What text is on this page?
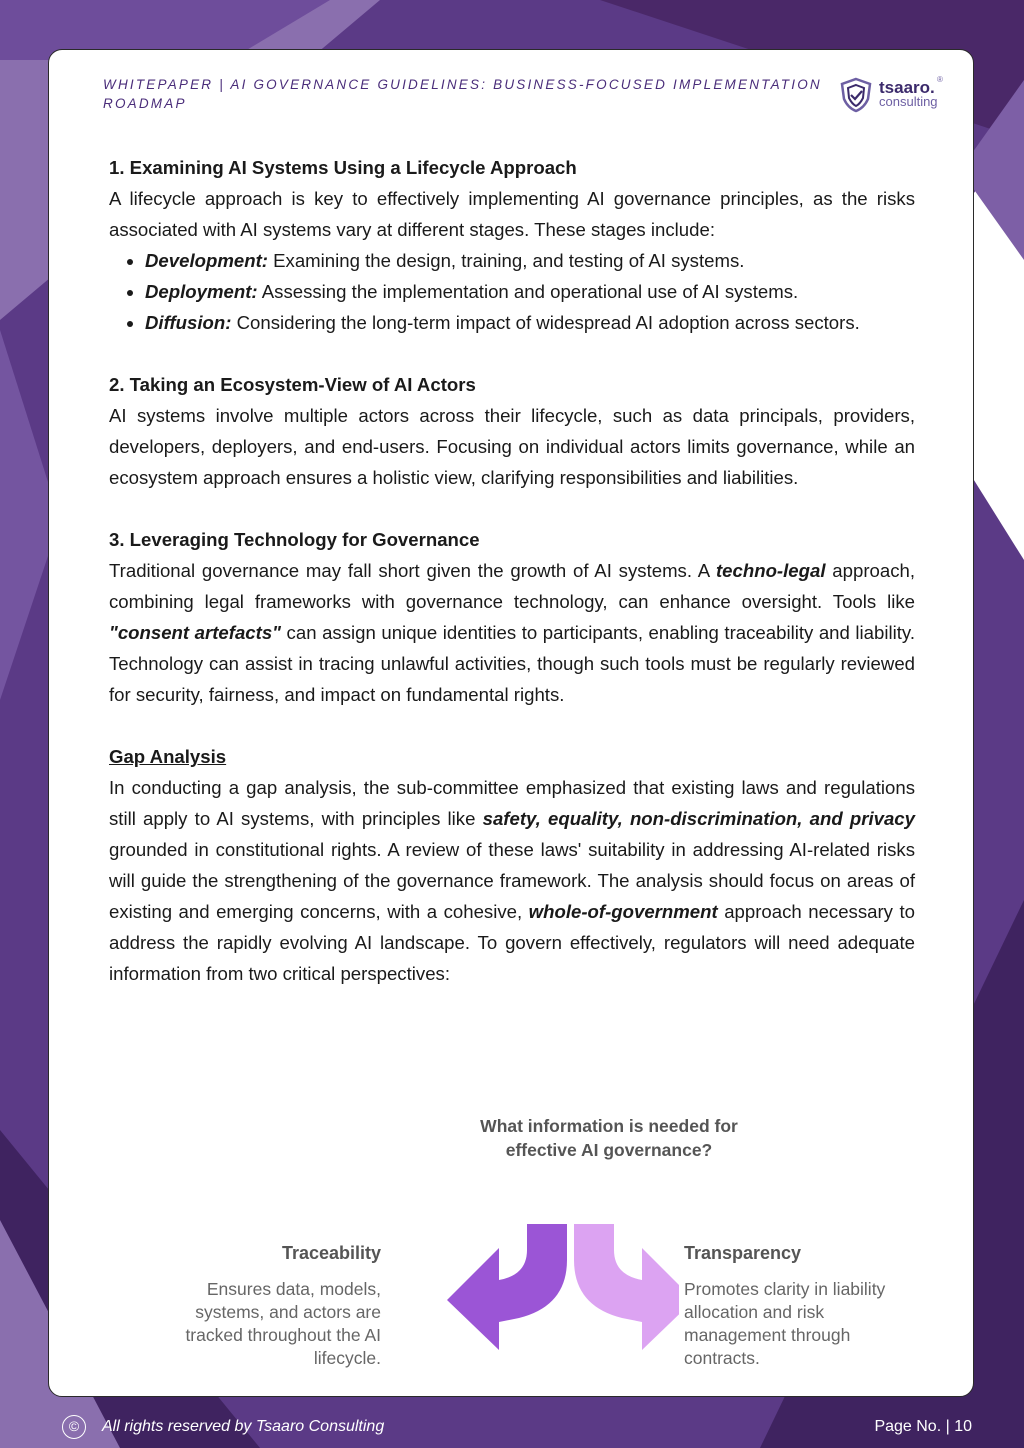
WHITEPAPER | AI GOVERNANCE GUIDELINES: BUSINESS-FOCUSED IMPLEMENTATION ROADMAP
tsaaro.
consulting
®

1. Examining AI Systems Using a Lifecycle Approach

A lifecycle approach is key to effectively implementing AI governance principles, as the risks associated with AI systems vary at different stages. These stages include:

• Development: Examining the design, training, and testing of AI systems.
• Deployment: Assessing the implementation and operational use of AI systems.
• Diffusion: Considering the long-term impact of widespread AI adoption across sectors.

2. Taking an Ecosystem-View of AI Actors

AI systems involve multiple actors across their lifecycle, such as data principals, providers, developers, deployers, and end-users. Focusing on individual actors limits governance, while an ecosystem approach ensures a holistic view, clarifying responsibilities and liabilities.

3. Leveraging Technology for Governance

Traditional governance may fall short given the growth of AI systems. A techno-legal approach, combining legal frameworks with governance technology, can enhance oversight. Tools like "consent artefacts" can assign unique identities to participants, enabling traceability and liability. Technology can assist in tracing unlawful activities, though such tools must be regularly reviewed for security, fairness, and impact on fundamental rights.

Gap Analysis

In conducting a gap analysis, the sub-committee emphasized that existing laws and regulations still apply to AI systems, with principles like safety, equality, non-discrimination, and privacy grounded in constitutional rights. A review of these laws' suitability in addressing AI-related risks will guide the strengthening of the governance framework. The analysis should focus on areas of existing and emerging concerns, with a cohesive, whole-of-government approach necessary to address the rapidly evolving AI landscape. To govern effectively, regulators will need adequate information from two critical perspectives:

What information is needed for
effective AI governance?
Traceability
Ensures data, models, systems, and actors are tracked throughout the AI lifecycle.
Transparency
Promotes clarity in liability allocation and risk management through contracts.
©	All rights reserved by Tsaaro Consulting	Page No. | 10
